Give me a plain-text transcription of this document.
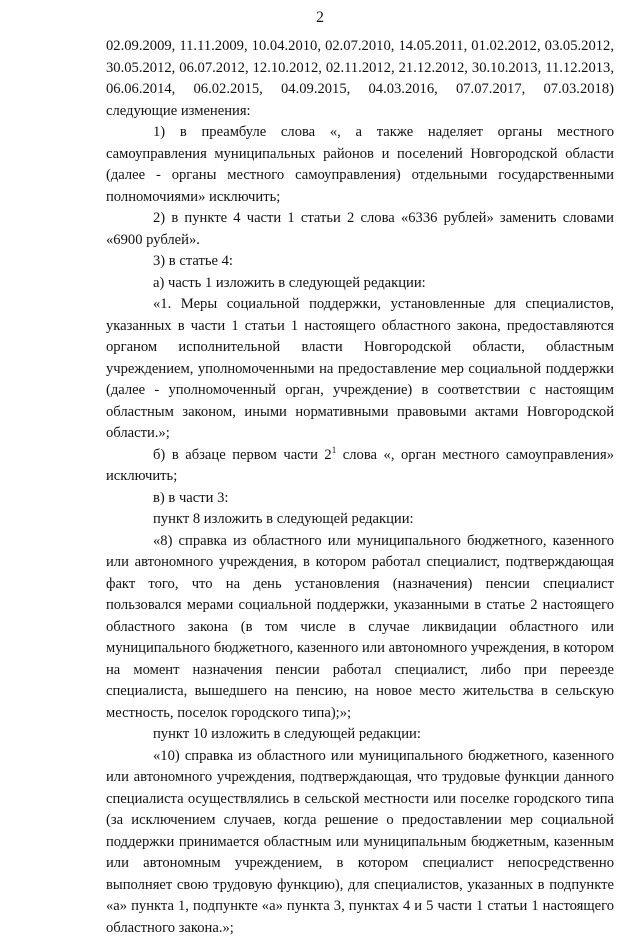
2

02.09.2009, 11.11.2009, 10.04.2010, 02.07.2010, 14.05.2011, 01.02.2012, 03.05.2012, 30.05.2012, 06.07.2012, 12.10.2012, 02.11.2012, 21.12.2012, 30.10.2013, 11.12.2013, 06.06.2014, 06.02.2015, 04.09.2015, 04.03.2016, 07.07.2017, 07.03.2018) следующие изменения:

1) в преамбуле слова «, а также наделяет органы местного самоуправления муниципальных районов и поселений Новгородской области (далее - органы местного самоуправления) отдельными государственными полномочиями» исключить;

2) в пункте 4 части 1 статьи 2 слова «6336 рублей» заменить словами «6900 рублей».

3) в статье 4:

а) часть 1 изложить в следующей редакции:

«1. Меры социальной поддержки, установленные для специалистов, указанных в части 1 статьи 1 настоящего областного закона, предоставляются органом исполнительной власти Новгородской области, областным учреждением, уполномоченными на предоставление мер социальной поддержки (далее - уполномоченный орган, учреждение) в соответствии с настоящим областным законом, иными нормативными правовыми актами Новгородской области.»;

б) в абзаце первом части $2^1$ слова «, орган местного самоуправления» исключить;

в) в части 3:

пункт 8 изложить в следующей редакции:

«8) справка из областного или муниципального бюджетного, казенного или автономного учреждения, в котором работал специалист, подтверждающая факт того, что на день установления (назначения) пенсии специалист пользовался мерами социальной поддержки, указанными в статье 2 настоящего областного закона (в том числе в случае ликвидации областного или муниципального бюджетного, казенного или автономного учреждения, в котором на момент назначения пенсии работал специалист, либо при переезде специалиста, вышедшего на пенсию, на новое место жительства в сельскую местность, поселок городского типа);»;

пункт 10 изложить в следующей редакции:

«10) справка из областного или муниципального бюджетного, казенного или автономного учреждения, подтверждающая, что трудовые функции данного специалиста осуществлялись в сельской местности или поселке городского типа (за исключением случаев, когда решение о предоставлении мер социальной поддержки принимается областным или муниципальным бюджетным, казенным или автономным учреждением, в котором специалист непосредственно выполняет свою трудовую функцию), для специалистов, указанных в подпункте «а» пункта 1, подпункте «а» пункта 3, пунктах 4 и 5 части 1 статьи 1 настоящего областного закона.»;
